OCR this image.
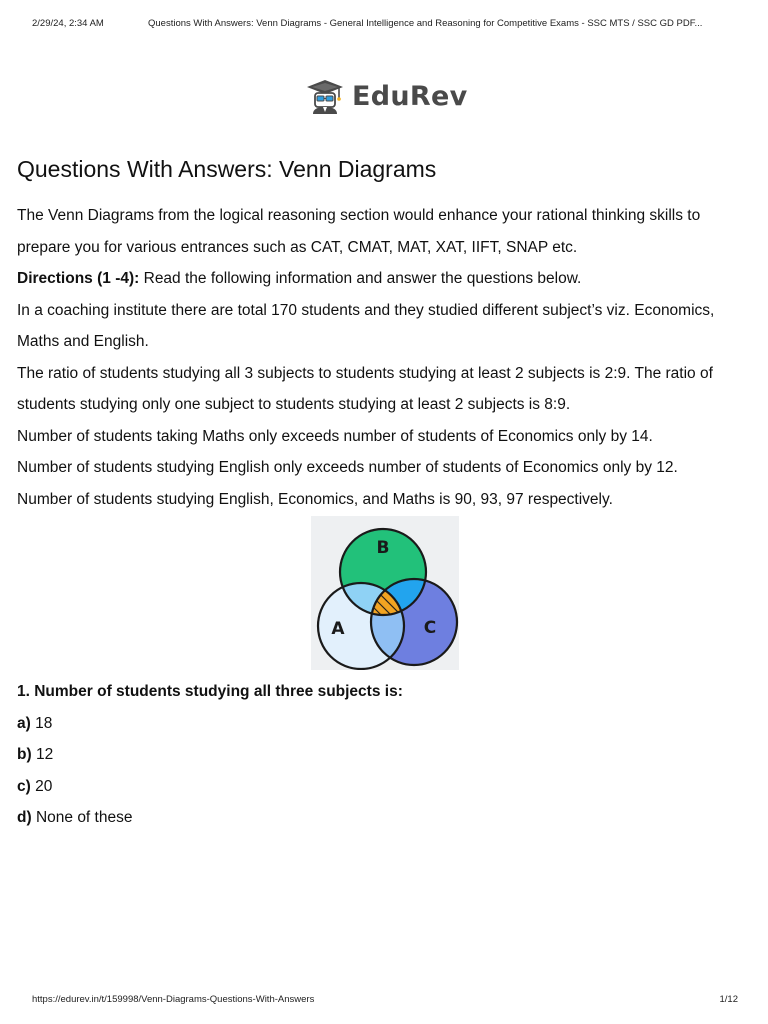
2/29/24, 2:34 AM	Questions With Answers: Venn Diagrams - General Intelligence and Reasoning for Competitive Exams - SSC MTS / SSC GD PDF...
EduRev
Questions With Answers: Venn Diagrams

The Venn Diagrams from the logical reasoning section would enhance your rational thinking skills to prepare you for various entrances such as CAT, CMAT, MAT, XAT, IIFT, SNAP etc.

Directions (1 -4): Read the following information and answer the questions below.

In a coaching institute there are total 170 students and they studied different subject’s viz. Economics, Maths and English.

The ratio of students studying all 3 subjects to students studying at least 2 subjects is 2:9. The ratio of students studying only one subject to students studying at least 2 subjects is 8:9.

Number of students taking Maths only exceeds number of students of Economics only by 14.

Number of students studying English only exceeds number of students of Economics only by 12.

Number of students studying English, Economics, and Maths is 90, 93, 97 respectively.

B
A	C

1. Number of students studying all three subjects is:

a) 18

b) 12

c) 20

d) None of these

https://edurev.in/t/159998/Venn-Diagrams-Questions-With-Answers	1/12
